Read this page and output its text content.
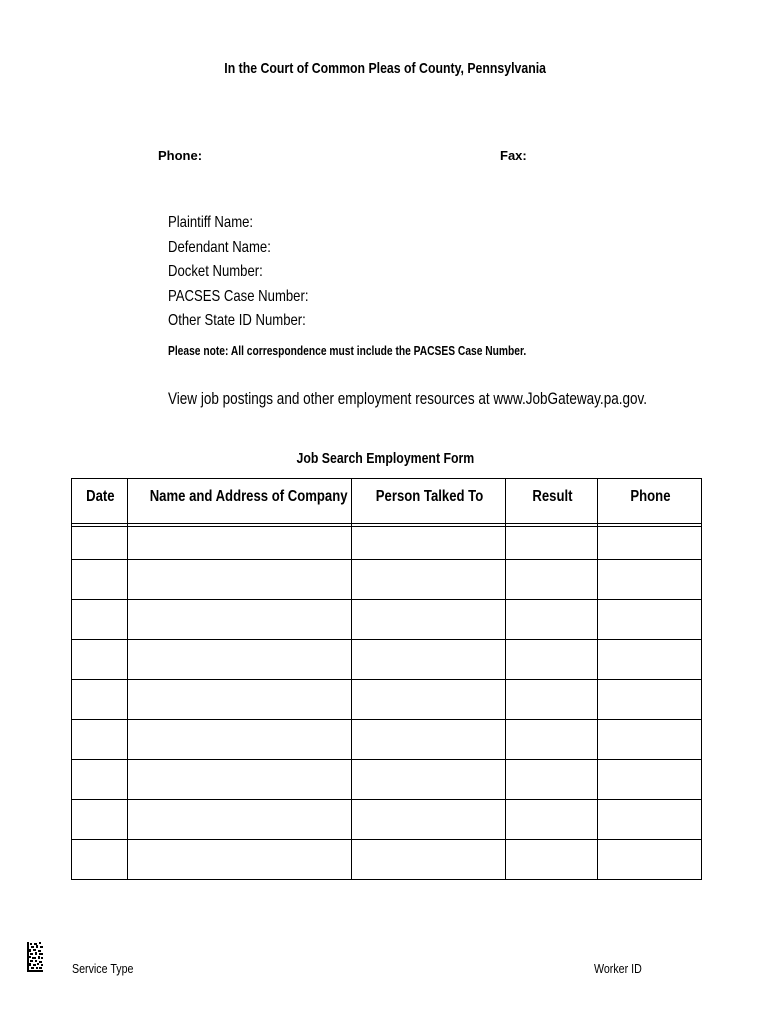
In the Court of Common Pleas of County, Pennsylvania
Phone:	Fax:
Plaintiff Name:
Defendant Name:
Docket Number:
PACSES Case Number:
Other State ID Number:
Please note: All correspondence must include the PACSES Case Number.
View job postings and other employment resources at www.JobGateway.pa.gov.
Job Search Employment Form
Date	Name and Address of Company	Person Talked To	Result	Phone
Service Type	Worker ID
